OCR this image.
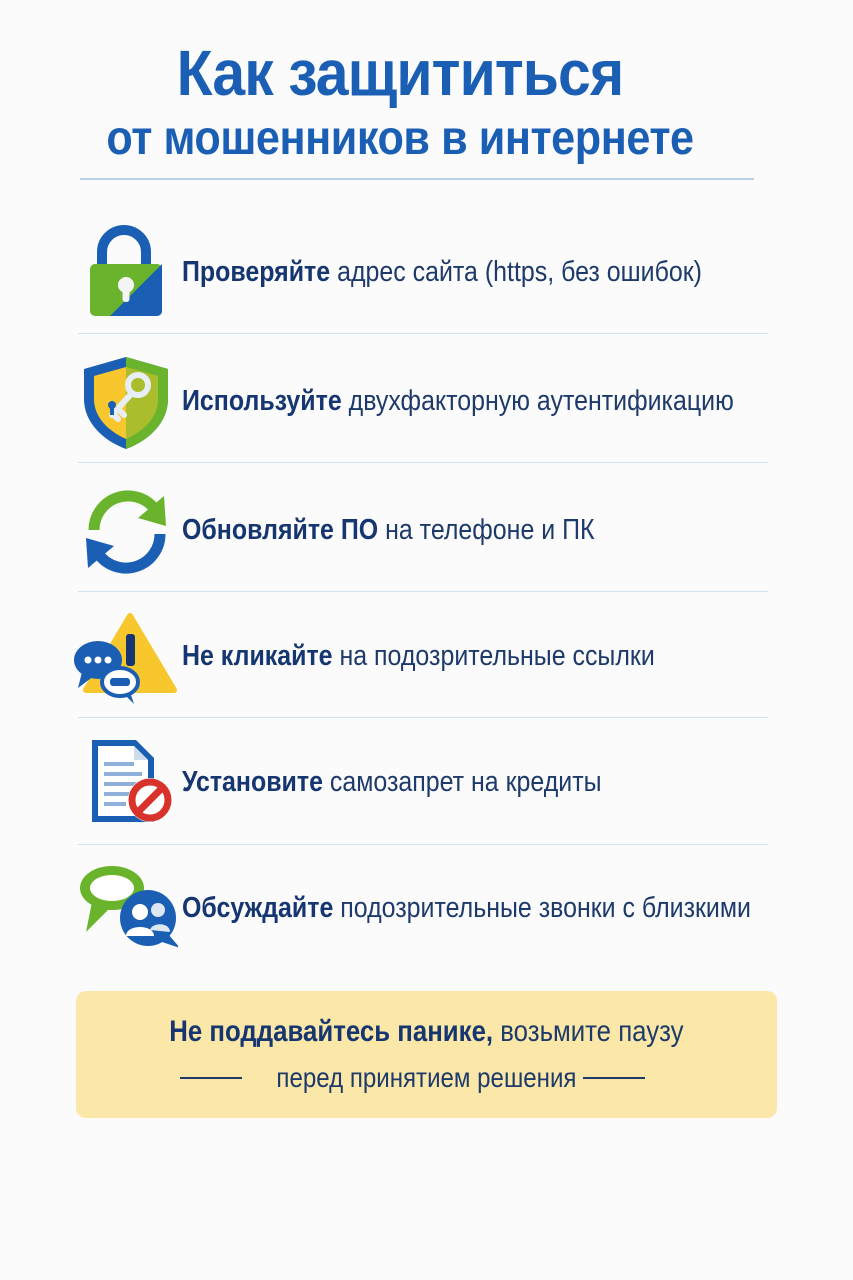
Как защититься
от мошенников в интернете
Проверяйте адрес сайта (https, без ошибок)
Используйте двухфакторную аутентификацию
Обновляйте ПО на телефоне и ПК
Не кликайте на подозрительные ссылки
Установите самозапрет на кредиты
Обсуждайте подозрительные звонки с близкими
Не поддавайтесь панике, возьмите паузу
перед принятием решения
